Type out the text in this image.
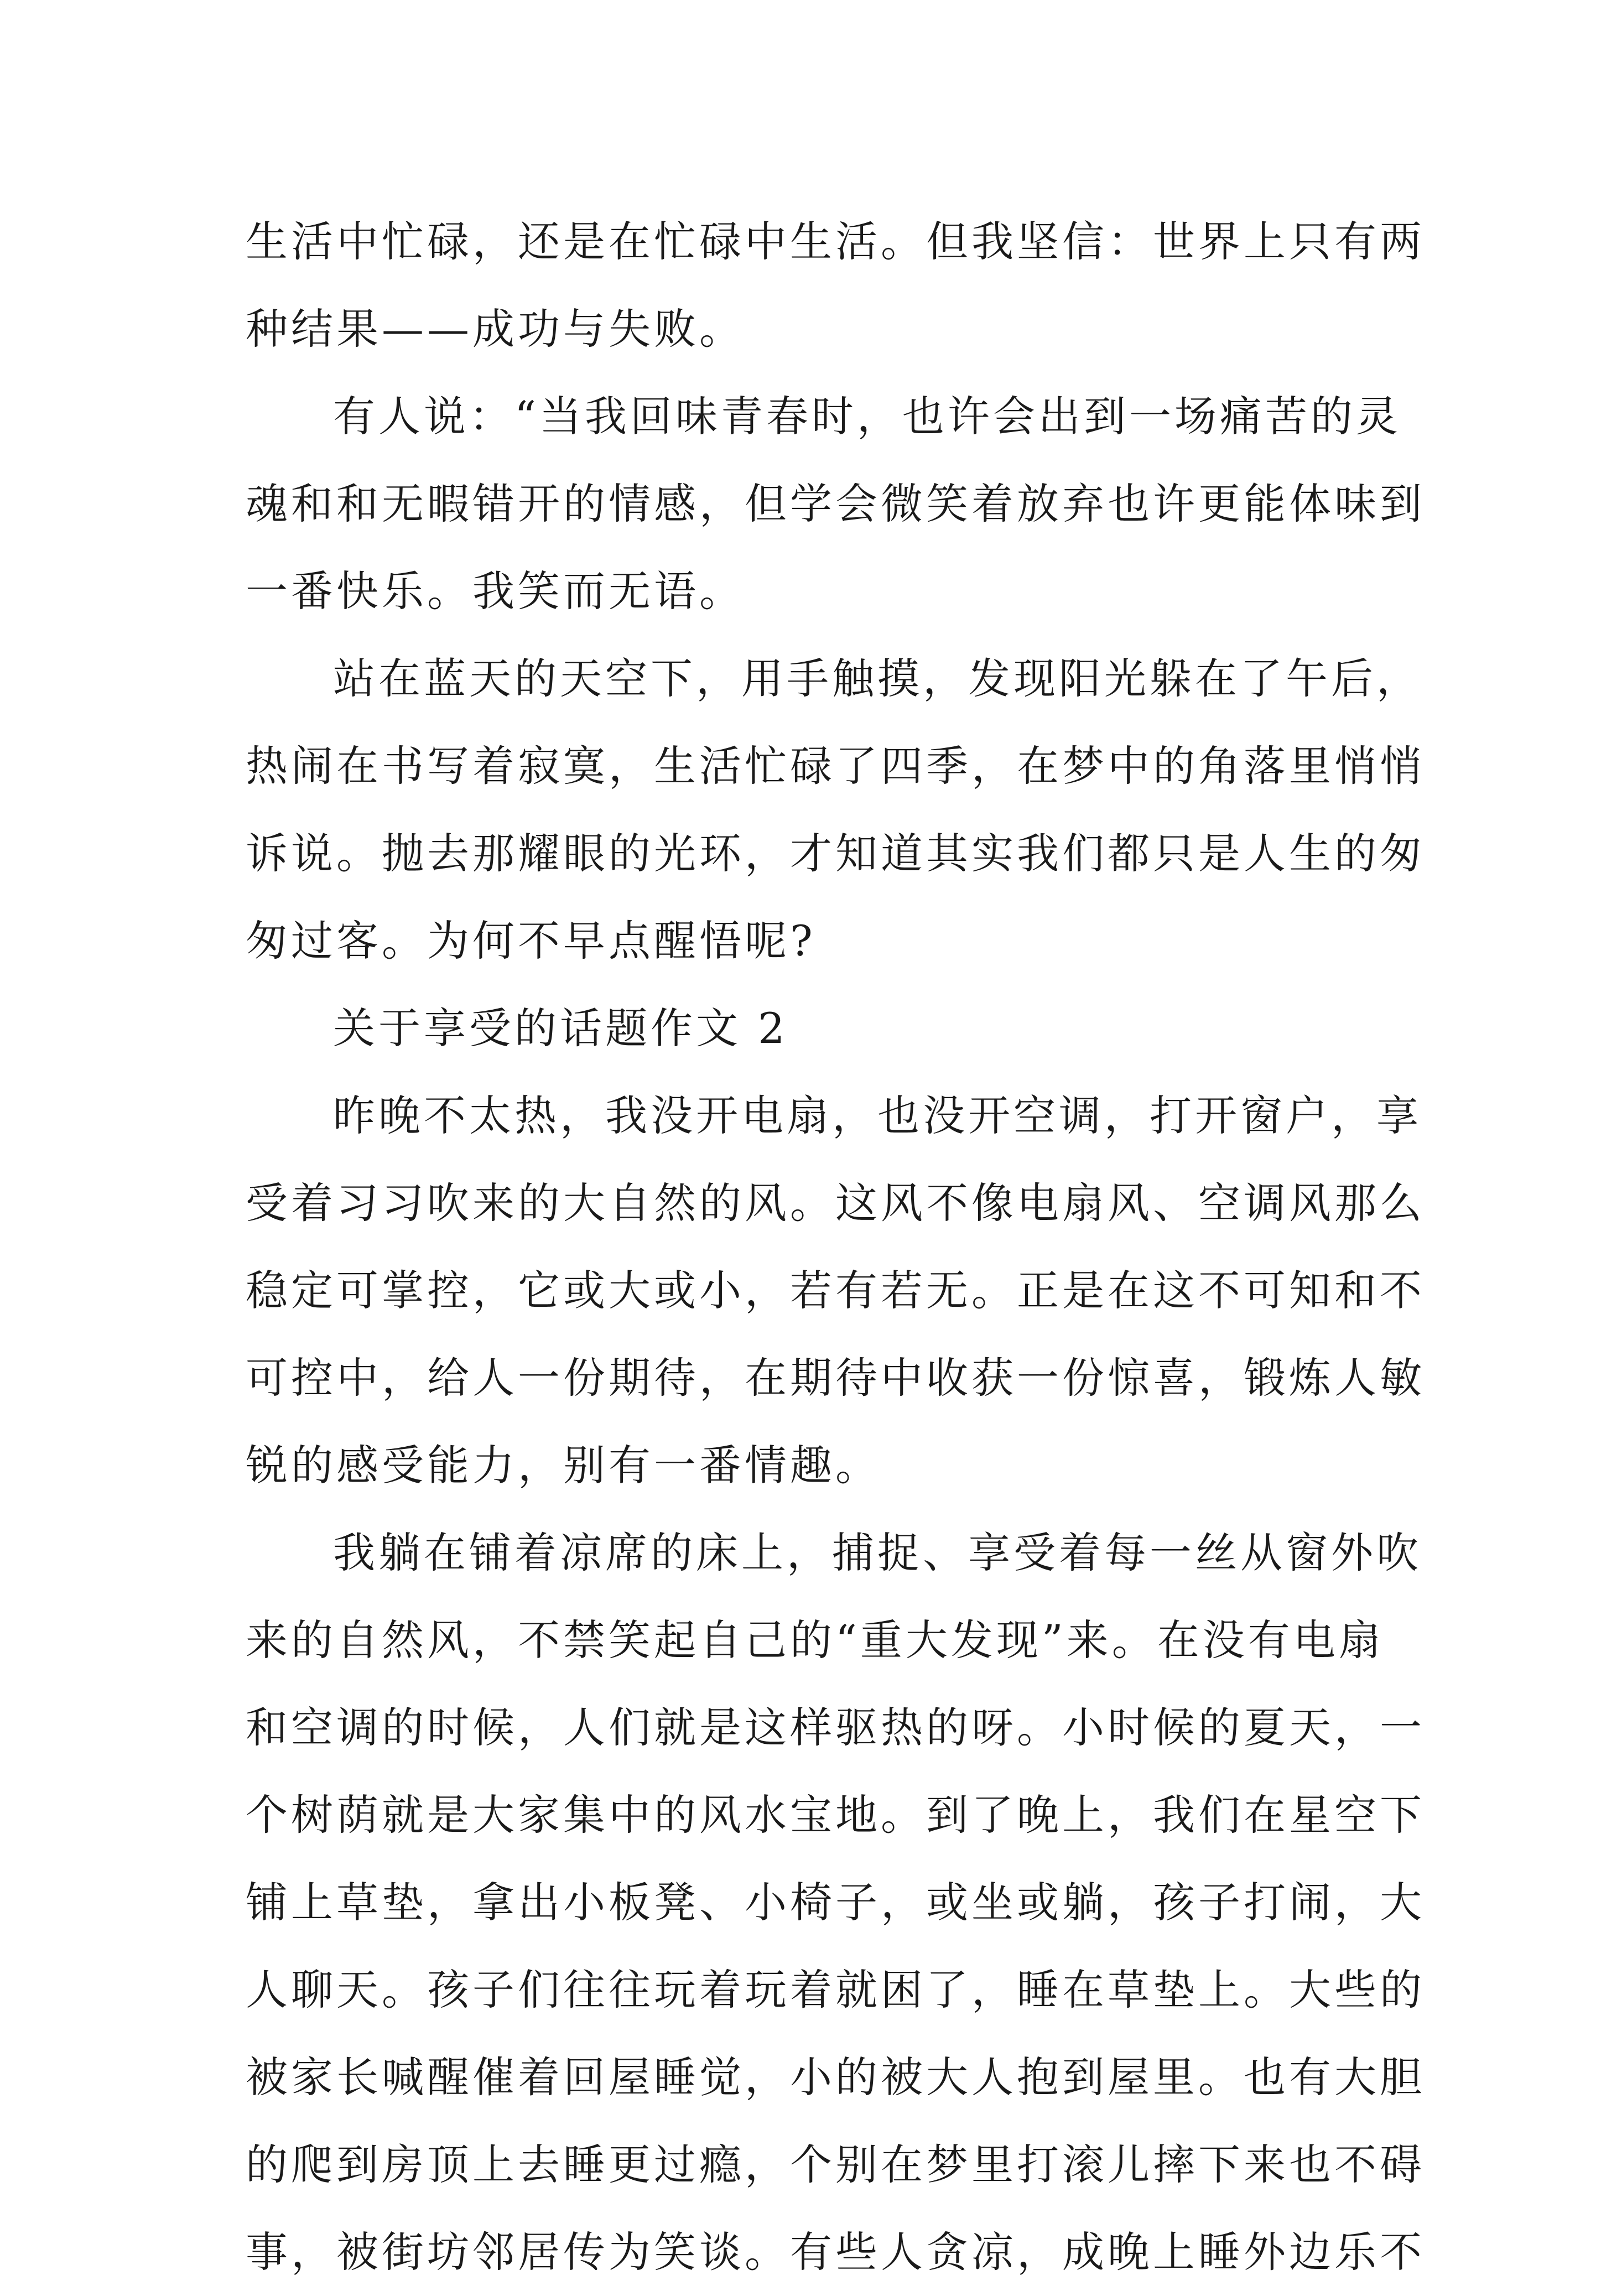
生活中忙碌，还是在忙碌中生活。但我坚信：世界上只有两
种结果——成功与失败。
有人说：“当我回味青春时，也许会出到一场痛苦的灵
魂和和无暇错开的情感，但学会微笑着放弃也许更能体味到
一番快乐。我笑而无语。
站在蓝天的天空下，用手触摸，发现阳光躲在了午后，
热闹在书写着寂寞，生活忙碌了四季，在梦中的角落里悄悄
诉说。抛去那耀眼的光环，才知道其实我们都只是人生的匆
匆过客。为何不早点醒悟呢?
关于享受的话题作文 2
昨晚不太热，我没开电扇，也没开空调，打开窗户，享
受着习习吹来的大自然的风。这风不像电扇风、空调风那么
稳定可掌控，它或大或小，若有若无。正是在这不可知和不
可控中，给人一份期待，在期待中收获一份惊喜，锻炼人敏
锐的感受能力，别有一番情趣。
我躺在铺着凉席的床上，捕捉、享受着每一丝从窗外吹
来的自然风，不禁笑起自己的“重大发现”来。在没有电扇
和空调的时候，人们就是这样驱热的呀。小时候的夏天，一
个树荫就是大家集中的风水宝地。到了晚上，我们在星空下
铺上草垫，拿出小板凳、小椅子，或坐或躺，孩子打闹，大
人聊天。孩子们往往玩着玩着就困了，睡在草垫上。大些的
被家长喊醒催着回屋睡觉，小的被大人抱到屋里。也有大胆
的爬到房顶上去睡更过瘾，个别在梦里打滚儿摔下来也不碍
事，被街坊邻居传为笑谈。有些人贪凉，成晚上睡外边乐不
